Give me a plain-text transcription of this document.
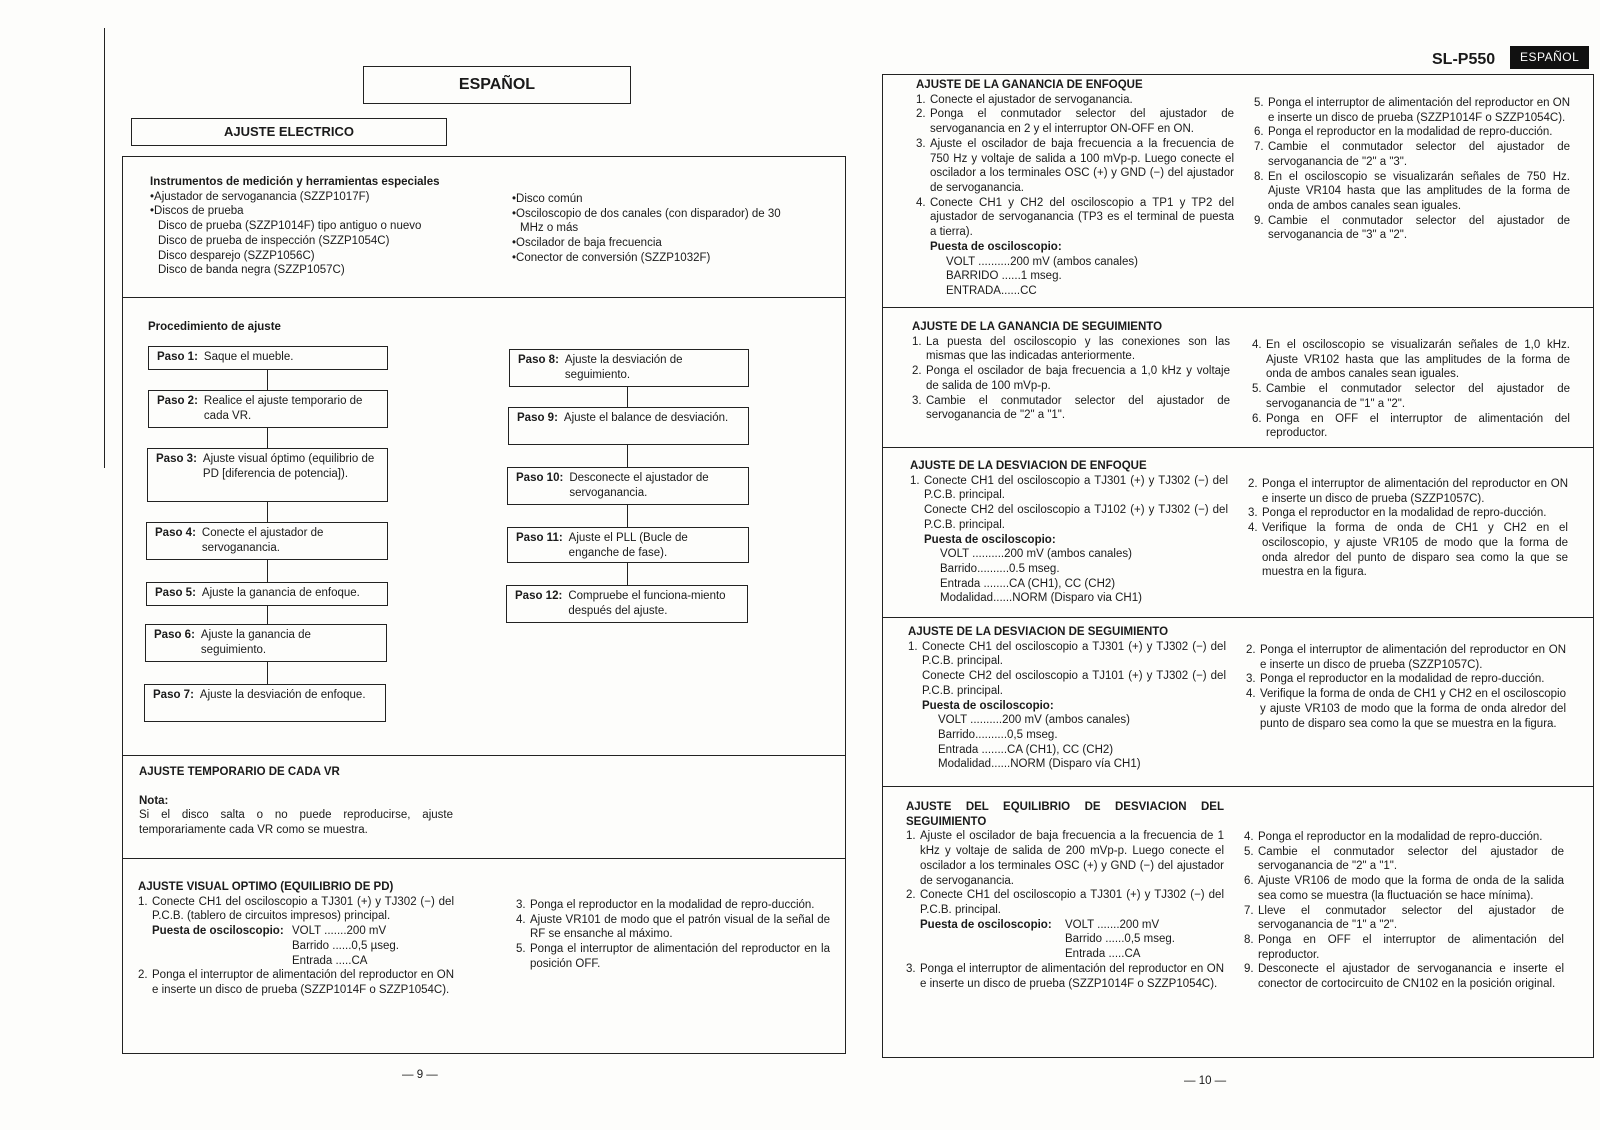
ESPAÑOL
AJUSTE ELECTRICO
Instrumentos de medición y herramientas especiales
•Ajustador de servoganancia (SZZP1017F)
•Discos de prueba
Disco de prueba (SZZP1014F) tipo antiguo o nuevo
Disco de prueba de inspección (SZZP1054C)
Disco desparejo (SZZP1056C)
Disco de banda negra (SZZP1057C)
•Disco común
•Osciloscopio de dos canales (con disparador) de 30
MHz o más
•Oscilador de baja frecuencia
•Conector de conversión (SZZP1032F)
Procedimiento de ajuste
Paso 1: Saque el mueble.
Paso 2: Realice el ajuste temporario de cada VR.
Paso 3: Ajuste visual óptimo (equilibrio de PD [diferencia de potencia]).
Paso 4: Conecte el ajustador de servoganancia.
Paso 5: Ajuste la ganancia de enfoque.
Paso 6: Ajuste la ganancia de seguimiento.
Paso 7: Ajuste la desviación de enfoque.
Paso 8: Ajuste la desviación de seguimiento.
Paso 9: Ajuste el balance de desviación.
Paso 10: Desconecte el ajustador de servoganancia.
Paso 11: Ajuste el PLL (Bucle de enganche de fase).
Paso 12: Compruebe el funciona-miento después del ajuste.
AJUSTE TEMPORARIO DE CADA VR
Nota:
Si el disco salta o no puede reproducirse, ajuste temporariamente cada VR como se muestra.
AJUSTE VISUAL OPTIMO (EQUILIBRIO DE PD)
1. Conecte CH1 del osciloscopio a TJ301 (+) y TJ302 (−) del P.C.B. (tablero de circuitos impresos) principal.
Puesta de osciloscopio: VOLT .......200 mV
Barrido ......0,5 µseg.
Entrada .....CA
2. Ponga el interruptor de alimentación del reproductor en ON e inserte un disco de prueba (SZZP1014F o SZZP1054C).
3. Ponga el reproductor en la modalidad de repro-ducción.
4. Ajuste VR101 de modo que el patrón visual de la señal de RF se ensanche al máximo.
5. Ponga el interruptor de alimentación del reproductor en la posición OFF.
— 9 —
SL-P550	ESPAÑOL
AJUSTE DE LA GANANCIA DE ENFOQUE
1. Conecte el ajustador de servoganancia.
2. Ponga el conmutador selector del ajustador de servoganancia en 2 y el interruptor ON-OFF en ON.
3. Ajuste el oscilador de baja frecuencia a la frecuencia de 750 Hz y voltaje de salida a 100 mVp-p. Luego conecte el oscilador a los terminales OSC (+) y GND (−) del ajustador de servoganancia.
4. Conecte CH1 y CH2 del osciloscopio a TP1 y TP2 del ajustador de servoganancia (TP3 es el terminal de puesta a tierra).
Puesta de osciloscopio:
VOLT ..........200 mV (ambos canales)
BARRIDO ......1 mseg.
ENTRADA......CC
5. Ponga el interruptor de alimentación del reproductor en ON e inserte un disco de prueba (SZZP1014F o SZZP1054C).
6. Ponga el reproductor en la modalidad de repro-ducción.
7. Cambie el conmutador selector del ajustador de servoganancia de "2" a "3".
8. En el osciloscopio se visualizarán señales de 750 Hz. Ajuste VR104 hasta que las amplitudes de la forma de onda de ambos canales sean iguales.
9. Cambie el conmutador selector del ajustador de servoganancia de "3" a "2".
AJUSTE DE LA GANANCIA DE SEGUIMIENTO
1. La puesta del osciloscopio y las conexiones son las mismas que las indicadas anteriormente.
2. Ponga el oscilador de baja frecuencia a 1,0 kHz y voltaje de salida de 100 mVp-p.
3. Cambie el conmutador selector del ajustador de servoganancia de "2" a "1".
4. En el osciloscopio se visualizarán señales de 1,0 kHz. Ajuste VR102 hasta que las amplitudes de la forma de onda de ambos canales sean iguales.
5. Cambie el conmutador selector del ajustador de servoganancia de "1" a "2".
6. Ponga en OFF el interruptor de alimentación del reproductor.
AJUSTE DE LA DESVIACION DE ENFOQUE
1. Conecte CH1 del osciloscopio a TJ301 (+) y TJ302 (−) del P.C.B. principal.
Conecte CH2 del osciloscopio a TJ102 (+) y TJ302 (−) del P.C.B. principal.
Puesta de osciloscopio:
VOLT ..........200 mV (ambos canales)
Barrido..........0.5 mseg.
Entrada ........CA (CH1), CC (CH2)
Modalidad......NORM (Disparo via CH1)
2. Ponga el interruptor de alimentación del reproductor en ON e inserte un disco de prueba (SZZP1057C).
3. Ponga el reproductor en la modalidad de repro-ducción.
4. Verifique la forma de onda de CH1 y CH2 en el osciloscopio, y ajuste VR105 de modo que la forma de onda alredor del punto de disparo sea como la que se muestra en la figura.
AJUSTE DE LA DESVIACION DE SEGUIMIENTO
1. Conecte CH1 del osciloscopio a TJ301 (+) y TJ302 (−) del P.C.B. principal.
Conecte CH2 del osciloscopio a TJ101 (+) y TJ302 (−) del P.C.B. principal.
Puesta de osciloscopio:
VOLT ..........200 mV (ambos canales)
Barrido..........0,5 mseg.
Entrada ........CA (CH1), CC (CH2)
Modalidad......NORM (Disparo vía CH1)
2. Ponga el interruptor de alimentación del reproductor en ON e inserte un disco de prueba (SZZP1057C).
3. Ponga el reproductor en la modalidad de repro-ducción.
4. Verifique la forma de onda de CH1 y CH2 en el osciloscopio y ajuste VR103 de modo que la forma de onda alredor del punto de disparo sea como la que se muestra en la figura.
AJUSTE DEL EQUILIBRIO DE DESVIACION DEL SEGUIMIENTO
1. Ajuste el oscilador de baja frecuencia a la frecuencia de 1 kHz y voltaje de salida de 200 mVp-p. Luego conecte el oscilador a los terminales OSC (+) y GND (−) del ajustador de servoganancia.
2. Conecte CH1 del osciloscopio a TJ301 (+) y TJ302 (−) del P.C.B. principal.
Puesta de osciloscopio:	VOLT .......200 mV
Barrido ......0,5 mseg.
Entrada .....CA
3. Ponga el interruptor de alimentación del reproductor en ON e inserte un disco de prueba (SZZP1014F o SZZP1054C).
4. Ponga el reproductor en la modalidad de repro-ducción.
5. Cambie el conmutador selector del ajustador de servoganancia de "2" a "1".
6. Ajuste VR106 de modo que la forma de onda de la salida sea como se muestra (la fluctuación se hace mínima).
7. Lleve el conmutador selector del ajustador de servoganancia de "1" a "2".
8. Ponga en OFF el interruptor de alimentación del reproductor.
9. Desconecte el ajustador de servoganancia e inserte el conector de cortocircuito de CN102 en la posición original.
— 10 —
